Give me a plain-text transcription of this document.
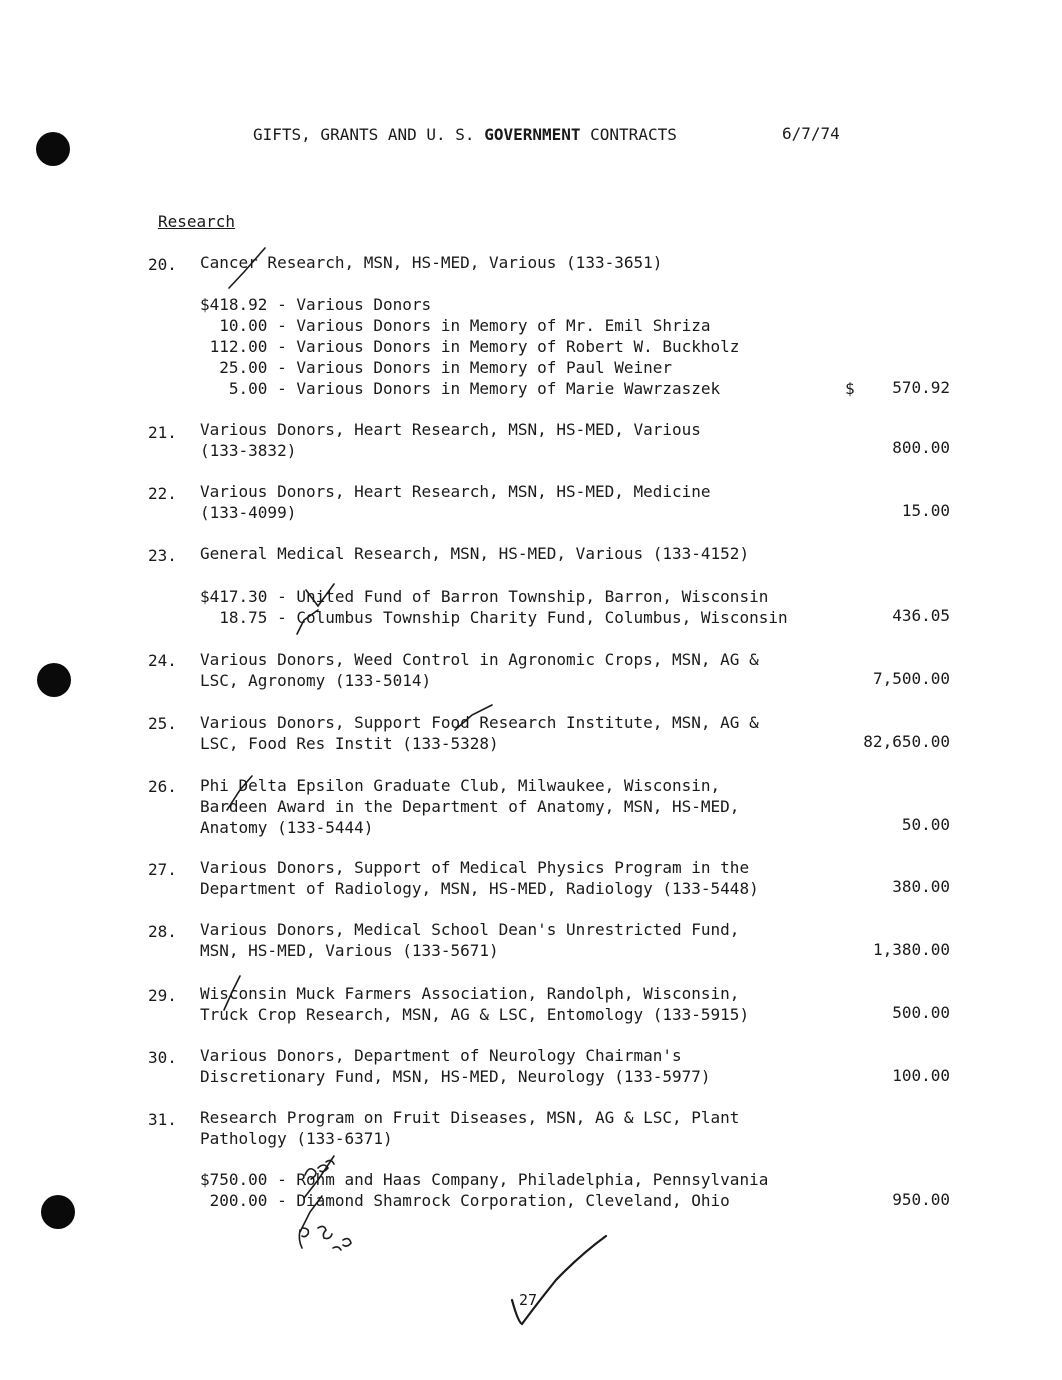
GIFTS, GRANTS AND U. S. GOVERNMENT CONTRACTS	6/7/74
Research
20. Cancer Research, MSN, HS-MED, Various (133-3651)
$418.92 - Various Donors
10.00 - Various Donors in Memory of Mr. Emil Shriza
112.00 - Various Donors in Memory of Robert W. Buckholz
25.00 - Various Donors in Memory of Paul Weiner
5.00 - Various Donors in Memory of Marie Wawrzaszek	$	570.92
21. Various Donors, Heart Research, MSN, HS-MED, Various
(133-3832)	800.00
22. Various Donors, Heart Research, MSN, HS-MED, Medicine
(133-4099)	15.00
23. General Medical Research, MSN, HS-MED, Various (133-4152)
$417.30 - United Fund of Barron Township, Barron, Wisconsin
18.75 - Columbus Township Charity Fund, Columbus, Wisconsin	436.05
24. Various Donors, Weed Control in Agronomic Crops, MSN, AG &
LSC, Agronomy (133-5014)	7,500.00
25. Various Donors, Support Food Research Institute, MSN, AG &
LSC, Food Res Instit (133-5328)	82,650.00
26. Phi Delta Epsilon Graduate Club, Milwaukee, Wisconsin,
Bardeen Award in the Department of Anatomy, MSN, HS-MED,
Anatomy (133-5444)	50.00
27. Various Donors, Support of Medical Physics Program in the
Department of Radiology, MSN, HS-MED, Radiology (133-5448)	380.00
28. Various Donors, Medical School Dean's Unrestricted Fund,
MSN, HS-MED, Various (133-5671)	1,380.00
29. Wisconsin Muck Farmers Association, Randolph, Wisconsin,
Truck Crop Research, MSN, AG & LSC, Entomology (133-5915)	500.00
30. Various Donors, Department of Neurology Chairman's
Discretionary Fund, MSN, HS-MED, Neurology (133-5977)	100.00
31. Research Program on Fruit Diseases, MSN, AG & LSC, Plant
Pathology (133-6371)
$750.00 - Rohm and Haas Company, Philadelphia, Pennsylvania
200.00 - Diamond Shamrock Corporation, Cleveland, Ohio	950.00
27
